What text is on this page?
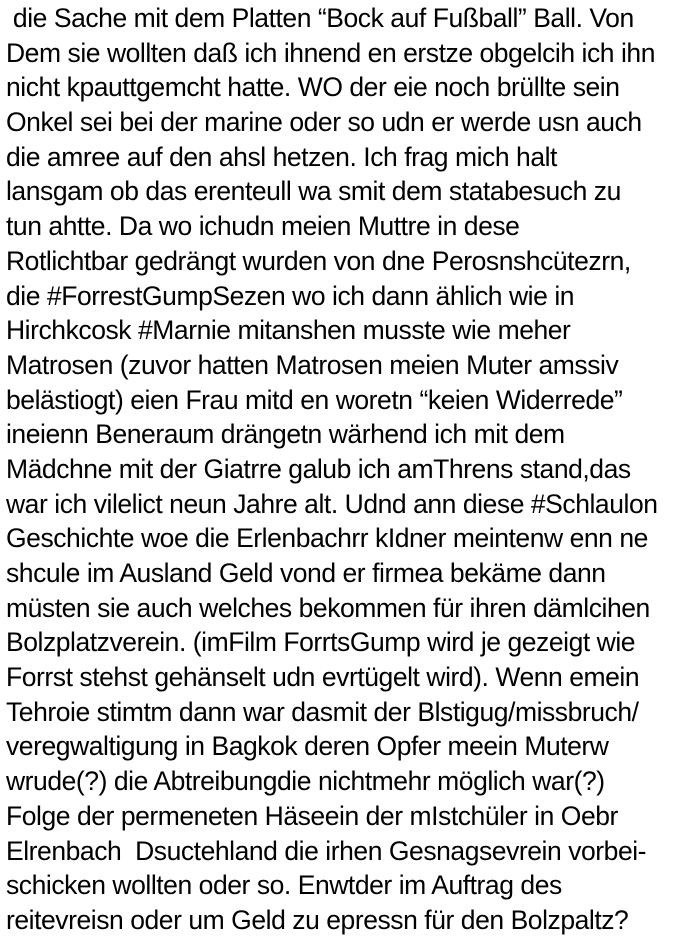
die Sache mit dem Platten “Bock auf Fußball” Ball. Von
Dem sie wollten daß ich ihnend en erstze obgelcih ich ihn
nicht kpauttgemcht hatte. WO der eie noch brüllte sein
Onkel sei bei der marine oder so udn er werde usn auch
die amree auf den ahsl hetzen. Ich frag mich halt
lansgam ob das erenteull wa smit dem statabesuch zu
tun ahtte. Da wo ichudn meien Muttre in dese
Rotlichtbar gedrängt wurden von dne Perosnshcütezrn,
die #ForrestGumpSezen wo ich dann ählich wie in
Hirchkcosk #Marnie mitanshen musste wie meher
Matrosen (zuvor hatten Matrosen meien Muter amssiv
belästiogt) eien Frau mitd en woretn “keien Widerrede”
ineienn Beneraum drängetn wärhend ich mit dem
Mädchne mit der Giatrre galub ich amThrens stand,das
war ich vilelict neun Jahre alt. Udnd ann diese #Schlaulon
Geschichte woe die Erlenbachrr kIdner meintenw enn ne
shcule im Ausland Geld vond er firmea bekäme dann
müsten sie auch welches bekommen für ihren dämlcihen
Bolzplatzverein. (imFilm ForrtsGump wird je gezeigt wie
Forrst stehst gehänselt udn evrtügelt wird). Wenn emein
Tehroie stimtm dann war dasmit der Blstigug/missbruch/
veregwaltigung in Bagkok deren Opfer meein Muterw
wrude(?) die Abtreibungdie nichtmehr möglich war(?)
Folge der permeneten Häseein der mIstchüler in Oebr
Elrenbach  Dsuctehland die irhen Gesnagsevrein vorbei-
schicken wollten oder so. Enwtder im Auftrag des
reitevreisn oder um Geld zu epressn für den Bolzpaltz?
